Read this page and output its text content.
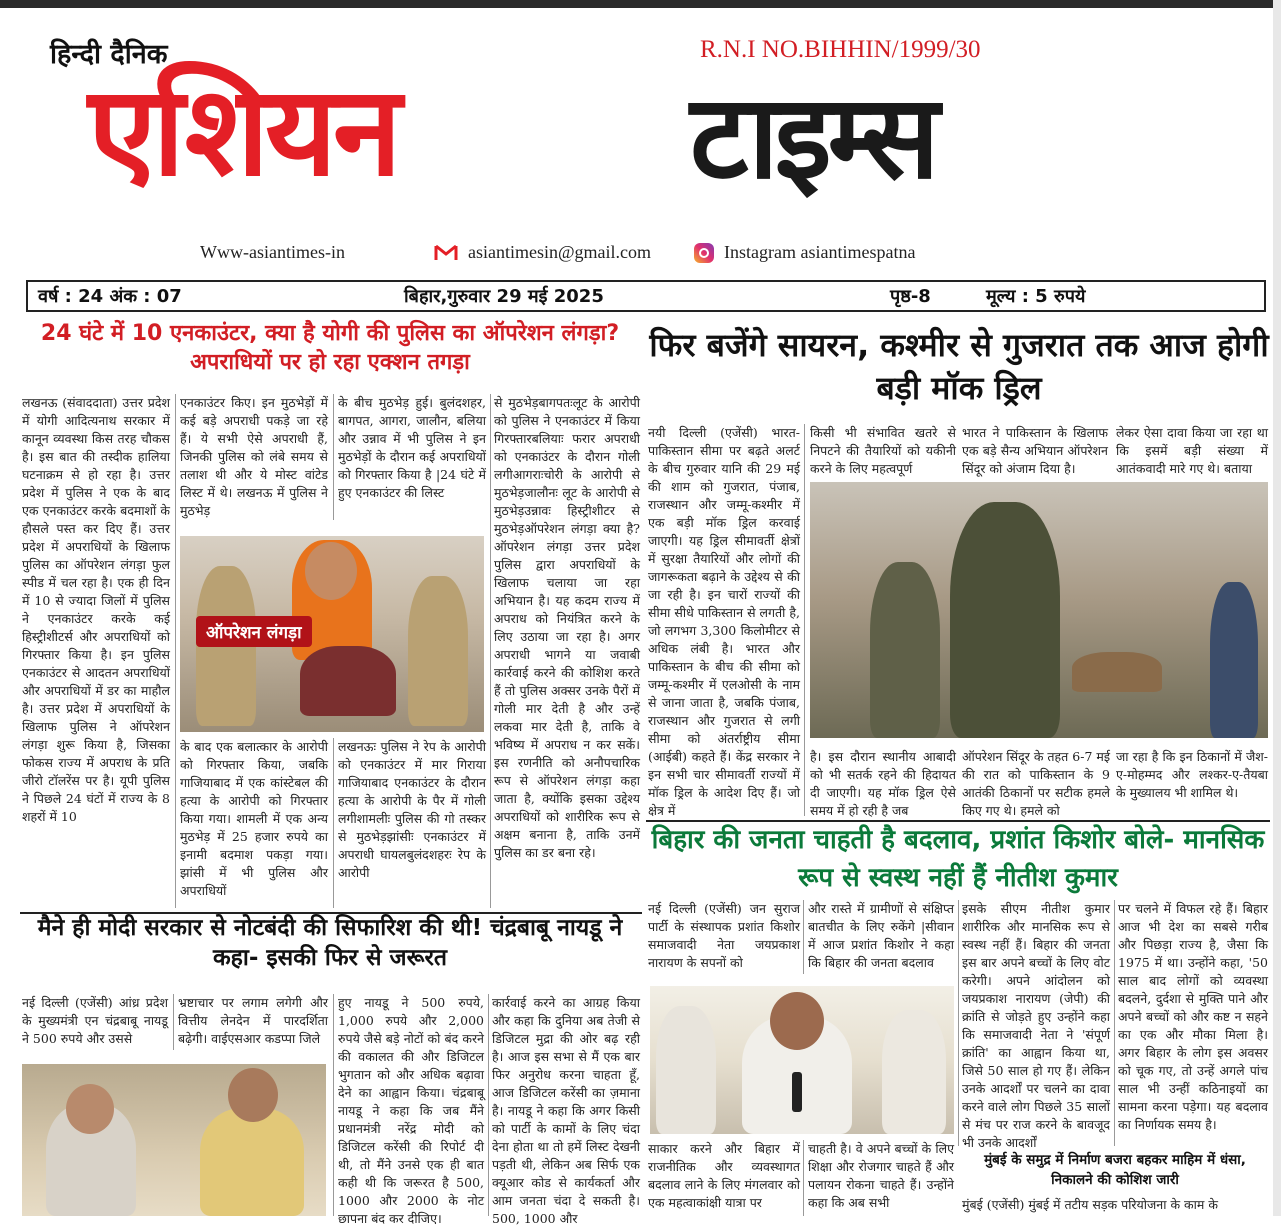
हिन्दी दैनिक	R.N.I NO.BIHHIN/1999/30
एशियन	टाइम्स
Www-asiantimes-in	asiantimesin@gmail.com	Instagram asiantimespatna
वर्ष : 24 अंक : 07	बिहार,गुरुवार 29 मई 2025	पृष्ठ-8	मूल्य : 5 रुपये
24 घंटे में 10 एनकाउंटर, क्या है योगी की पुलिस का ऑपरेशन लंगड़ा? अपराधियों पर हो रहा एक्शन तगड़ा
लखनऊ (संवाददाता) उत्तर प्रदेश में योगी आदित्यनाथ सरकार में कानून व्यवस्था किस तरह चौकस है। इस बात की तस्दीक हालिया घटनाक्रम से हो रहा है। उत्तर प्रदेश में पुलिस ने एक के बाद एक एनकाउंटर करके बदमाशों के हौसले पस्त कर दिए हैं। उत्तर प्रदेश में अपराधियों के खिलाफ पुलिस का ऑपरेशन लंगड़ा फुल स्पीड में चल रहा है। एक ही दिन में 10 से ज्यादा जिलों में पुलिस ने एनकाउंटर करके कई हिस्ट्रीशीटर्स और अपराधियों को गिरफ्तार किया है। इन पुलिस एनकाउंटर से आदतन अपराधियों और अपराधियों में डर का माहौल है। उत्तर प्रदेश में अपराधियों के खिलाफ पुलिस ने ऑपरेशन लंगड़ा शुरू किया है, जिसका फोकस राज्य में अपराध के प्रति जीरो टॉलरेंस पर है। यूपी पुलिस ने पिछले 24 घंटों में राज्य के 8 शहरों में 10
एनकाउंटर किए। इन मुठभेड़ों में कई बड़े अपराधी पकड़े जा रहे हैं। ये सभी ऐसे अपराधी हैं, जिनकी पुलिस को लंबे समय से तलाश थी और ये मोस्ट वांटेड लिस्ट में थे। लखनऊ में पुलिस ने मुठभेड़
के बीच मुठभेड़ हुई। बुलंदशहर, बागपत, आगरा, जालौन, बलिया और उन्नाव में भी पुलिस ने इन मुठभेड़ों के दौरान कई अपराधियों को गिरफ्तार किया है |24 घंटे में हुए एनकाउंटर की लिस्ट
से मुठभेड़बागपतःलूट के आरोपी को पुलिस ने एनकाउंटर में किया गिरफ्तारबलियाः फरार अपराधी को एनकाउंटर के दौरान गोली लगीआगराःचोरी के आरोपी से मुठभेड़जालौनः लूट के आरोपी से मुठभेड़उन्नावः हिस्ट्रीशीटर से मुठभेड़ऑपरेशन लंगड़ा क्या है?ऑपरेशन लंगड़ा उत्तर प्रदेश पुलिस द्वारा अपराधियों के खिलाफ चलाया जा रहा अभियान है। यह कदम राज्य में अपराध को नियंत्रित करने के लिए उठाया जा रहा है। अगर अपराधी भागने या जवाबी कार्रवाई करने की कोशिश करते हैं तो पुलिस अक्सर उनके पैरों में गोली मार देती है और उन्हें लकवा मार देती है, ताकि वे भविष्य में अपराध न कर सकें। इस रणनीति को अनौपचारिक रूप से ऑपरेशन लंगड़ा कहा जाता है, क्योंकि इसका उद्देश्य अपराधियों को शारीरिक रूप से अक्षम बनाना है, ताकि उनमें पुलिस का डर बना रहे।
ऑपरेशन लंगड़ा
के बाद एक बलात्कार के आरोपी को गिरफ्तार किया, जबकि गाजियाबाद में एक कांस्टेबल की हत्या के आरोपी को गिरफ्तार किया गया। शामली में एक अन्य मुठभेड़ में 25 हजार रुपये का इनामी बदमाश पकड़ा गया। झांसी में भी पुलिस और अपराधियों
लखनऊः पुलिस ने रेप के आरोपी को एनकाउंटर में मार गिराया गाजियाबाद एनकाउंटर के दौरान हत्या के आरोपी के पैर में गोली लगीशामलीः पुलिस की गो तस्कर से मुठभेड़झांसीः एनकाउंटर में अपराधी घायलबुलंदशहरः रेप के आरोपी
मैने ही मोदी सरकार से नोटबंदी की सिफारिश की थी! चंद्रबाबू नायडू ने कहा- इसकी फिर से जरूरत
नई दिल्ली (एजेंसी) आंध्र प्रदेश के मुख्यमंत्री एन चंद्रबाबू नायडू ने 500 रुपये और उससे
भ्रष्टाचार पर लगाम लगेगी और वित्तीय लेनदेन में पारदर्शिता बढ़ेगी। वाईएसआर कडप्पा जिले
हुए नायडू ने 500 रुपये, 1,000 रुपये और 2,000 रुपये जैसे बड़े नोटों को बंद करने की वकालत की और डिजिटल भुगतान को और अधिक बढ़ावा देने का आह्वान किया। चंद्रबाबू नायडू ने कहा कि जब मैंने प्रधानमंत्री नरेंद्र मोदी को डिजिटल करेंसी की रिपोर्ट दी थी, तो मैंने उनसे एक ही बात कही थी कि जरूरत है 500, 1000 और 2000 के नोट छापना बंद कर दीजिए।
कार्रवाई करने का आग्रह किया और कहा कि दुनिया अब तेजी से डिजिटल मुद्रा की ओर बढ़ रही है। आज इस सभा से मैं एक बार फिर अनुरोध करना चाहता हूँ, आज डिजिटल करेंसी का ज़माना है। नायडू ने कहा कि अगर किसी को पार्टी के कामों के लिए चंदा देना होता था तो हमें लिस्ट देखनी पड़ती थी, लेकिन अब सिर्फ एक क्यूआर कोड से कार्यकर्ता और आम जनता चंदा दे सकती है। 500, 1000 और
फिर बजेंगे सायरन, कश्मीर से गुजरात तक आज होगी बड़ी मॉक ड्रिल
नयी दिल्ली (एजेंसी) भारत-पाकिस्तान सीमा पर बढ़ते अलर्ट के बीच गुरुवार यानि की 29 मई की शाम को गुजरात, पंजाब, राजस्थान और जम्मू-कश्मीर में एक बड़ी मॉक ड्रिल करवाई जाएगी। यह ड्रिल सीमावर्ती क्षेत्रों में सुरक्षा तैयारियों और लोगों की जागरूकता बढ़ाने के उद्देश्य से की जा रही है। इन चारों राज्यों की सीमा सीधे पाकिस्तान से लगती है, जो लगभग 3,300 किलोमीटर से अधिक लंबी है। भारत और पाकिस्तान के बीच की सीमा को जम्मू-कश्मीर में एलओसी के नाम से जाना जाता है, जबकि पंजाब, राजस्थान और गुजरात से लगी सीमा को अंतर्राष्ट्रीय सीमा (आईबी) कहते हैं। केंद्र सरकार ने इन सभी चार सीमावर्ती राज्यों में मॉक ड्रिल के आदेश दिए हैं। जो क्षेत्र में
किसी भी संभावित खतरे से निपटने की तैयारियों को यकीनी करने के लिए महत्वपूर्ण
भारत ने पाकिस्तान के खिलाफ एक बड़े सैन्य अभियान ऑपरेशन सिंदूर को अंजाम दिया है।
लेकर ऐसा दावा किया जा रहा था कि इसमें बड़ी संख्या में आतंकवादी मारे गए थे। बताया
है। इस दौरान स्थानीय आबादी को भी सतर्क रहने की हिदायत दी जाएगी। यह मॉक ड्रिल ऐसे समय में हो रही है जब
ऑपरेशन सिंदूर के तहत 6-7 मई की रात को पाकिस्तान के 9 आतंकी ठिकानों पर सटीक हमले किए गए थे। हमले को
जा रहा है कि इन ठिकानों में जैश-ए-मोहम्मद और लश्कर-ए-तैयबा के मुख्यालय भी शामिल थे।
बिहार की जनता चाहती है बदलाव, प्रशांत किशोर बोले- मानसिक रूप से स्वस्थ नहीं हैं नीतीश कुमार
नई दिल्ली (एजेंसी) जन सुराज पार्टी के संस्थापक प्रशांत किशोर समाजवादी नेता जयप्रकाश नारायण के सपनों को
और रास्ते में ग्रामीणों से संक्षिप्त बातचीत के लिए रुकेंगे |सीवान में आज प्रशांत किशोर ने कहा कि बिहार की जनता बदलाव
इसके सीएम नीतीश कुमार शारीरिक और मानसिक रूप से स्वस्थ नहीं हैं। बिहार की जनता इस बार अपने बच्चों के लिए वोट करेगी। अपने आंदोलन को जयप्रकाश नारायण (जेपी) की क्रांति से जोड़ते हुए उन्होंने कहा कि समाजवादी नेता ने 'संपूर्ण क्रांति' का आह्वान किया था, जिसे 50 साल हो गए हैं। लेकिन उनके आदर्शों पर चलने का दावा करने वाले लोग पिछले 35 सालों से मंच पर राज करने के बावजूद भी उनके आदर्शों
पर चलने में विफल रहे हैं। बिहार आज भी देश का सबसे गरीब और पिछड़ा राज्य है, जैसा कि 1975 में था। उन्होंने कहा, '50 साल बाद लोगों को व्यवस्था बदलने, दुर्दशा से मुक्ति पाने और अपने बच्चों को और कष्ट न सहने का एक और मौका मिला है। अगर बिहार के लोग इस अवसर को चूक गए, तो उन्हें अगले पांच साल भी उन्हीं कठिनाइयों का सामना करना पड़ेगा। यह बदलाव का निर्णायक समय है।
साकार करने और बिहार में राजनीतिक और व्यवस्थागत बदलाव लाने के लिए मंगलवार को एक महत्वाकांक्षी यात्रा पर
चाहती है। वे अपने बच्चों के लिए शिक्षा और रोजगार चाहते हैं और पलायन रोकना चाहते हैं। उन्होंने कहा कि अब सभी
मुंबई के समुद्र में निर्माण बजरा बहकर माहिम में धंसा, निकालने की कोशिश जारी
मुंबई (एजेंसी) मुंबई में तटीय सड़क परियोजना के काम के
